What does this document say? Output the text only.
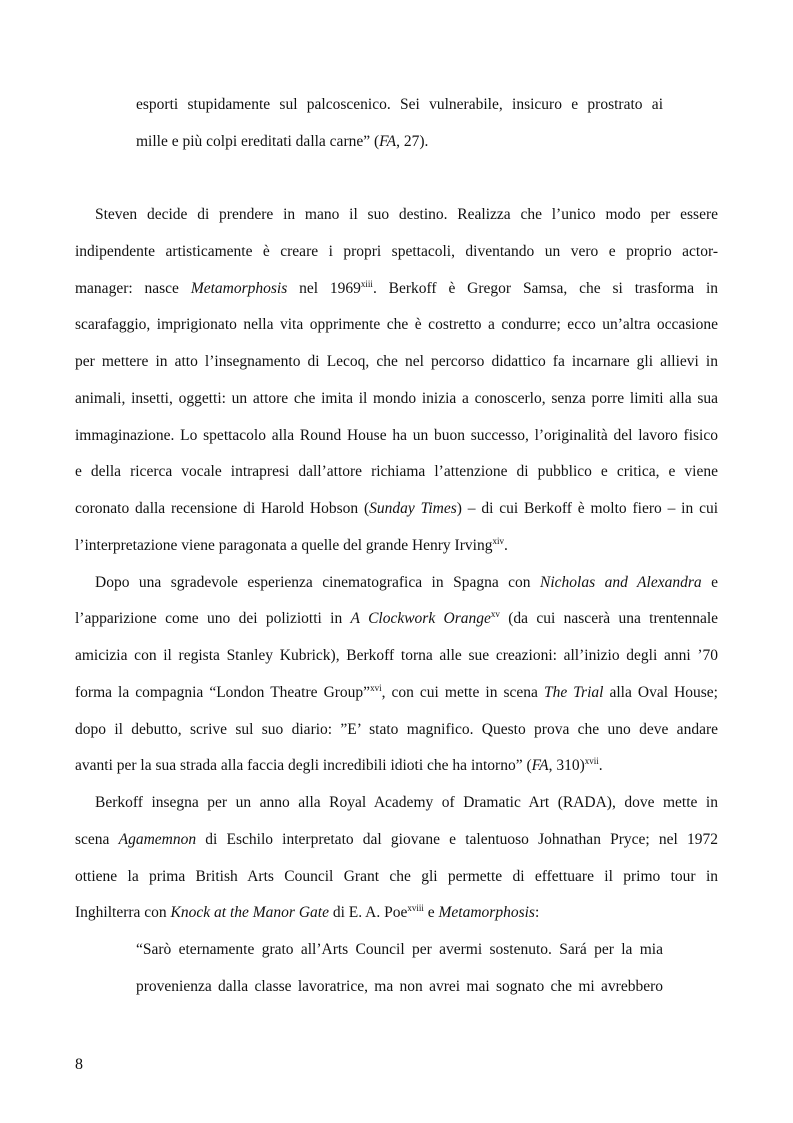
esporti stupidamente sul palcoscenico. Sei vulnerabile, insicuro e prostrato ai
mille e più colpi ereditati dalla carne” (FA, 27).
Steven decide di prendere in mano il suo destino. Realizza che l’unico modo per essere
indipendente artisticamente è creare i propri spettacoli, diventando un vero e proprio actor-
manager: nasce Metamorphosis nel 1969$^{xiii}$. Berkoff è Gregor Samsa, che si trasforma in
scarafaggio, imprigionato nella vita opprimente che è costretto a condurre; ecco un’altra occasione
per mettere in atto l’insegnamento di Lecoq, che nel percorso didattico fa incarnare gli allievi in
animali, insetti, oggetti: un attore che imita il mondo inizia a conoscerlo, senza porre limiti alla sua
immaginazione. Lo spettacolo alla Round House ha un buon successo, l’originalità del lavoro fisico
e della ricerca vocale intrapresi dall’attore richiama l’attenzione di pubblico e critica, e viene
coronato dalla recensione di Harold Hobson (Sunday Times) – di cui Berkoff è molto fiero – in cui
l’interpretazione viene paragonata a quelle del grande Henry Irving$^{xiv}$.
Dopo una sgradevole esperienza cinematografica in Spagna con Nicholas and Alexandra e
l’apparizione come uno dei poliziotti in A Clockwork Orange$^{xv}$ (da cui nascerà una trentennale
amicizia con il regista Stanley Kubrick), Berkoff torna alle sue creazioni: all’inizio degli anni ’70
forma la compagnia “London Theatre Group”$^{xvi}$, con cui mette in scena The Trial alla Oval House;
dopo il debutto, scrive sul suo diario: ”E’ stato magnifico. Questo prova che uno deve andare
avanti per la sua strada alla faccia degli incredibili idioti che ha intorno” (FA, 310)$^{xvii}$.
Berkoff insegna per un anno alla Royal Academy of Dramatic Art (RADA), dove mette in
scena Agamemnon di Eschilo interpretato dal giovane e talentuoso Johnathan Pryce; nel 1972
ottiene la prima British Arts Council Grant che gli permette di effettuare il primo tour in
Inghilterra con Knock at the Manor Gate di E. A. Poe$^{xviii}$ e Metamorphosis:
“Sarò eternamente grato all’Arts Council per avermi sostenuto. Sará per la mia
provenienza dalla classe lavoratrice, ma non avrei mai sognato che mi avrebbero
8
